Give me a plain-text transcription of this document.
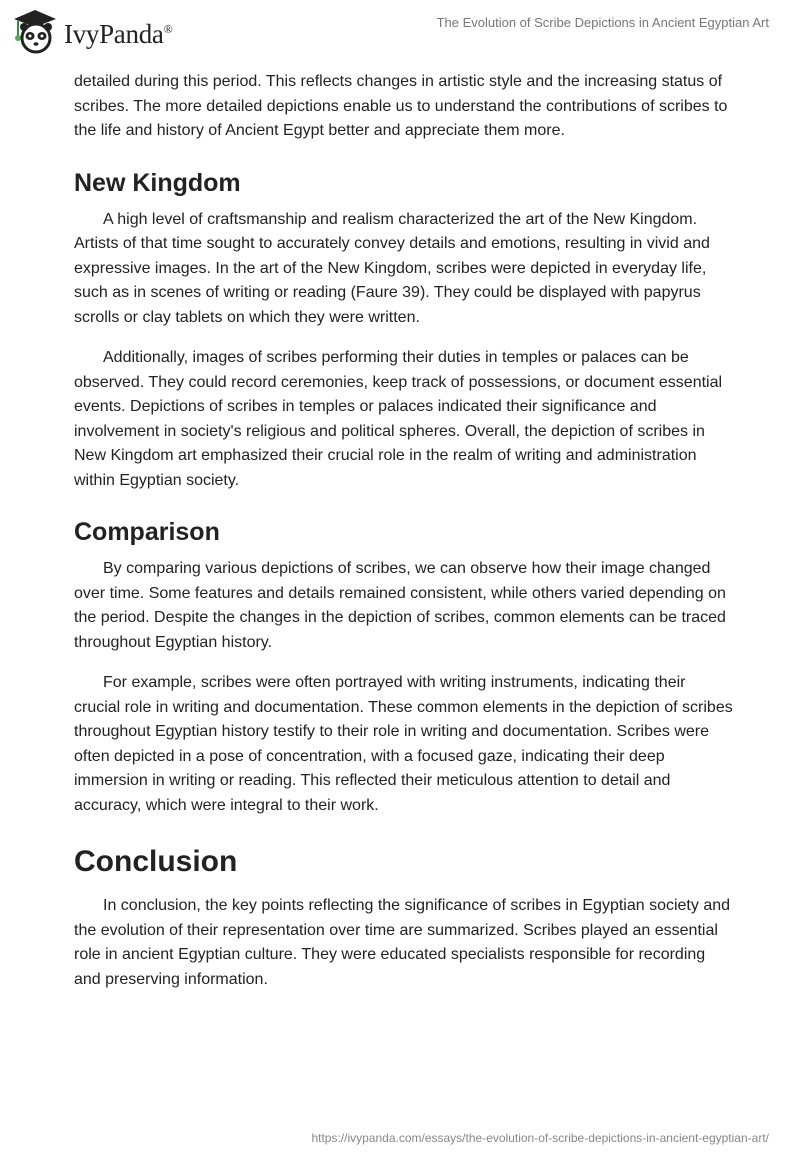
IvyPanda®	The Evolution of Scribe Depictions in Ancient Egyptian Art

detailed during this period. This reflects changes in artistic style and the increasing status of scribes. The more detailed depictions enable us to understand the contributions of scribes to the life and history of Ancient Egypt better and appreciate them more.

New Kingdom

A high level of craftsmanship and realism characterized the art of the New Kingdom. Artists of that time sought to accurately convey details and emotions, resulting in vivid and expressive images. In the art of the New Kingdom, scribes were depicted in everyday life, such as in scenes of writing or reading (Faure 39). They could be displayed with papyrus scrolls or clay tablets on which they were written.

Additionally, images of scribes performing their duties in temples or palaces can be observed. They could record ceremonies, keep track of possessions, or document essential events. Depictions of scribes in temples or palaces indicated their significance and involvement in society's religious and political spheres. Overall, the depiction of scribes in New Kingdom art emphasized their crucial role in the realm of writing and administration within Egyptian society.

Comparison

By comparing various depictions of scribes, we can observe how their image changed over time. Some features and details remained consistent, while others varied depending on the period. Despite the changes in the depiction of scribes, common elements can be traced throughout Egyptian history.

For example, scribes were often portrayed with writing instruments, indicating their crucial role in writing and documentation. These common elements in the depiction of scribes throughout Egyptian history testify to their role in writing and documentation. Scribes were often depicted in a pose of concentration, with a focused gaze, indicating their deep immersion in writing or reading. This reflected their meticulous attention to detail and accuracy, which were integral to their work.

Conclusion

In conclusion, the key points reflecting the significance of scribes in Egyptian society and the evolution of their representation over time are summarized. Scribes played an essential role in ancient Egyptian culture. They were educated specialists responsible for recording and preserving information.

https://ivypanda.com/essays/the-evolution-of-scribe-depictions-in-ancient-egyptian-art/
